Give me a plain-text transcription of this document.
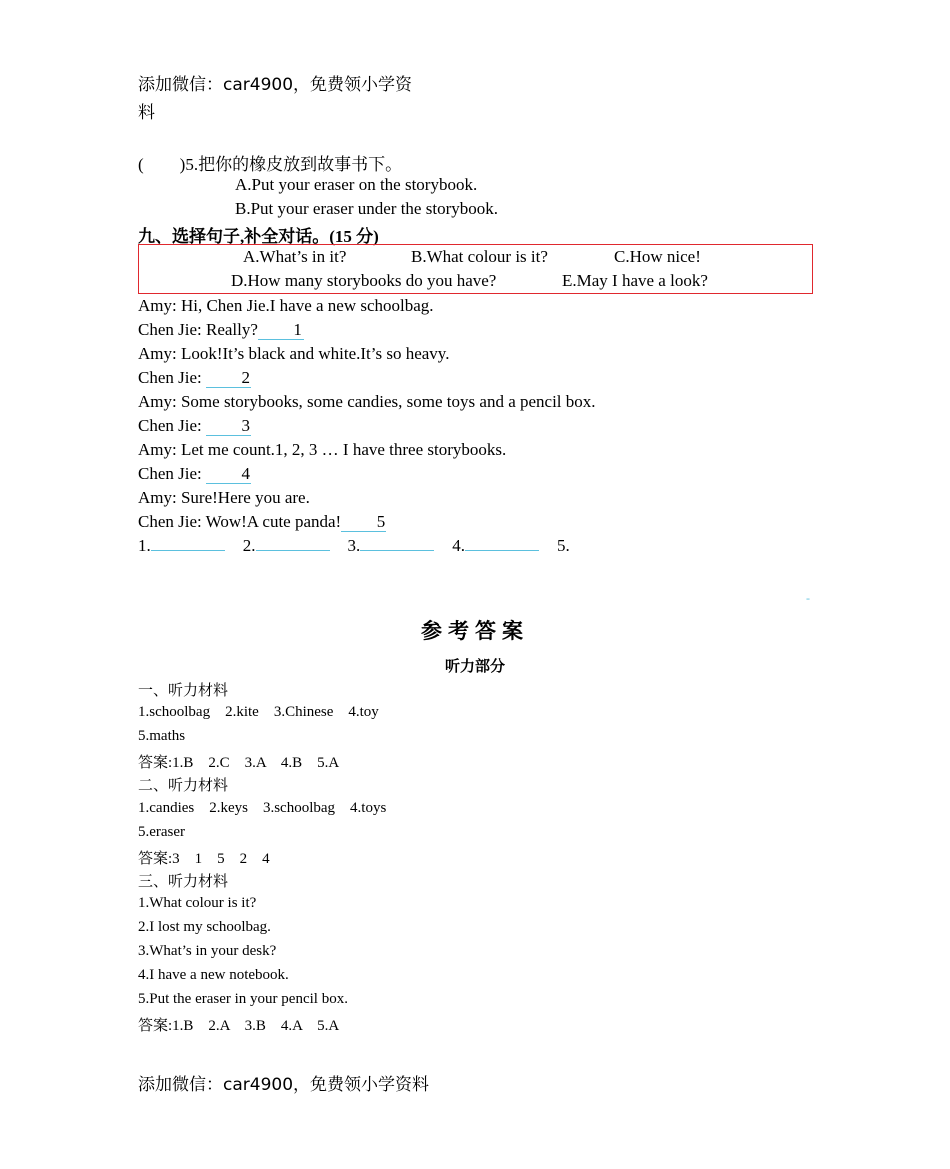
添加微信：car4900，免费领小学资
料
( )5.把你的橡皮放到故事书下。
A.Put your eraser on the storybook.
B.Put your eraser under the storybook.
九、选择句子,补全对话。(15 分)
A.What’s in it?	B.What colour is it?	C.How nice!
D.How many storybooks do you have?	E.May I have a look?
Amy: Hi, Chen Jie.I have a new schoolbag.
Chen Jie: Really? 1
Amy: Look!It’s black and white.It’s so heavy.
Chen Jie: 2
Amy: Some storybooks, some candies, some toys and a pencil box.
Chen Jie: 3
Amy: Let me count.1, 2, 3 … I have three storybooks.
Chen Jie: 4
Amy: Sure!Here you are.
Chen Jie: Wow!A cute panda! 5
1.	2.	3.	4.	5.
-
参考答案
听力部分
一、听力材料
1.schoolbag    2.kite    3.Chinese    4.toy
5.maths
答案:1.B    2.C    3.A    4.B    5.A
二、听力材料
1.candies    2.keys    3.schoolbag    4.toys
5.eraser
答案:3    1    5    2    4
三、听力材料
1.What colour is it?
2.I lost my schoolbag.
3.What’s in your desk?
4.I have a new notebook.
5.Put the eraser in your pencil box.
答案:1.B    2.A    3.B    4.A    5.A
添加微信：car4900，免费领小学资料
